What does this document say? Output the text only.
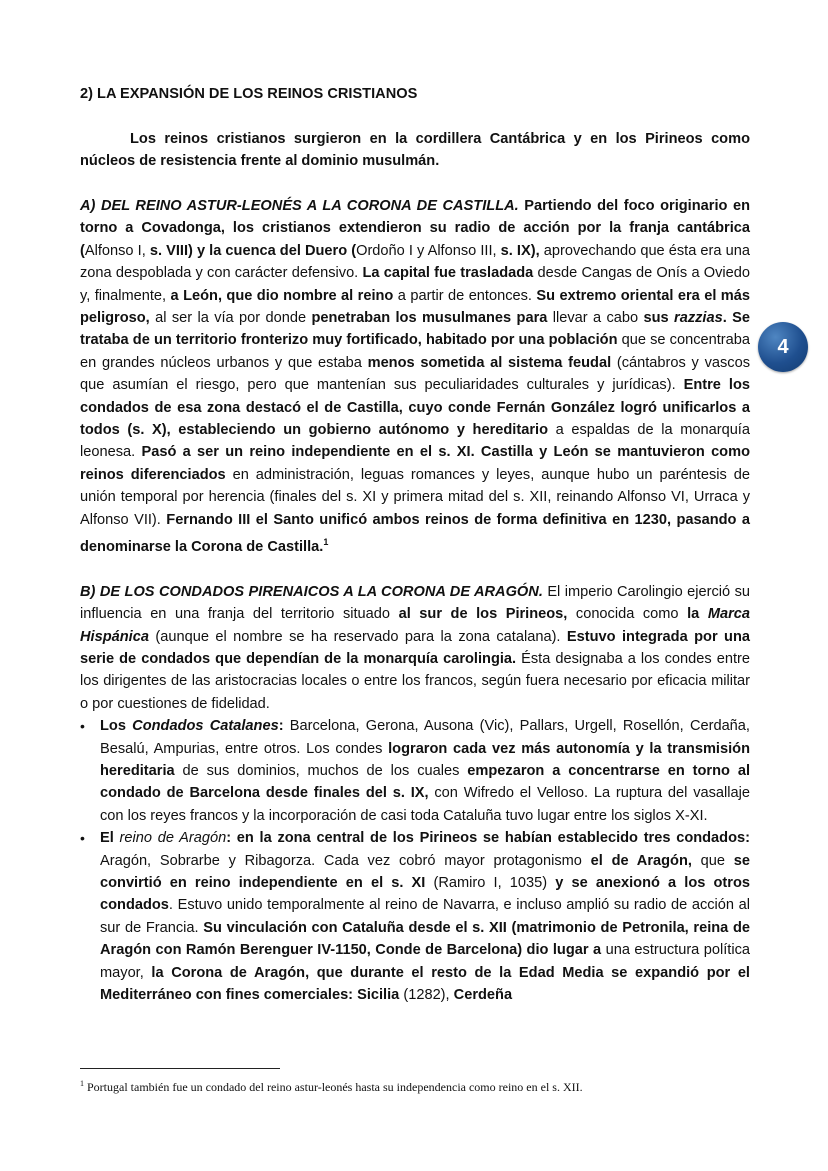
4

2) LA EXPANSIÓN DE LOS REINOS CRISTIANOS

Los reinos cristianos surgieron en la cordillera Cantábrica y en los Pirineos como núcleos de resistencia frente al dominio musulmán.

A) DEL REINO ASTUR-LEONÉS A LA CORONA DE CASTILLA. Partiendo del foco originario en torno a Covadonga, los cristianos extendieron su radio de acción por la franja cantábrica (Alfonso I, s. VIII) y la cuenca del Duero (Ordoño I y Alfonso III, s. IX), aprovechando que ésta era una zona despoblada y con carácter defensivo. La capital fue trasladada desde Cangas de Onís a Oviedo y, finalmente, a León, que dio nombre al reino a partir de entonces. Su extremo oriental era el más peligroso, al ser la vía por donde penetraban los musulmanes para llevar a cabo sus razzias. Se trataba de un territorio fronterizo muy fortificado, habitado por una población que se concentraba en grandes núcleos urbanos y que estaba menos sometida al sistema feudal (cántabros y vascos que asumían el riesgo, pero que mantenían sus peculiaridades culturales y jurídicas). Entre los condados de esa zona destacó el de Castilla, cuyo conde Fernán González logró unificarlos a todos (s. X), estableciendo un gobierno autónomo y hereditario a espaldas de la monarquía leonesa. Pasó a ser un reino independiente en el s. XI. Castilla y León se mantuvieron como reinos diferenciados en administración, leguas romances y leyes, aunque hubo un paréntesis de unión temporal por herencia (finales del s. XI y primera mitad del s. XII, reinando Alfonso VI, Urraca y Alfonso VII). Fernando III el Santo unificó ambos reinos de forma definitiva en 1230, pasando a denominarse la Corona de Castilla.$^1$

B) DE LOS CONDADOS PIRENAICOS A LA CORONA DE ARAGÓN. El imperio Carolingio ejerció su influencia en una franja del territorio situado al sur de los Pirineos, conocida como la Marca Hispánica (aunque el nombre se ha reservado para la zona catalana). Estuvo integrada por una serie de condados que dependían de la monarquía carolingia. Ésta designaba a los condes entre los dirigentes de las aristocracias locales o entre los francos, según fuera necesario por eficacia militar o por cuestiones de fidelidad.

• Los Condados Catalanes: Barcelona, Gerona, Ausona (Vic), Pallars, Urgell, Rosellón, Cerdaña, Besalú, Ampurias, entre otros. Los condes lograron cada vez más autonomía y la transmisión hereditaria de sus dominios, muchos de los cuales empezaron a concentrarse en torno al condado de Barcelona desde finales del s. IX, con Wifredo el Velloso. La ruptura del vasallaje con los reyes francos y la incorporación de casi toda Cataluña tuvo lugar entre los siglos X-XI.
• El reino de Aragón: en la zona central de los Pirineos se habían establecido tres condados: Aragón, Sobrarbe y Ribagorza. Cada vez cobró mayor protagonismo el de Aragón, que se convirtió en reino independiente en el s. XI (Ramiro I, 1035) y se anexionó a los otros condados. Estuvo unido temporalmente al reino de Navarra, e incluso amplió su radio de acción al sur de Francia. Su vinculación con Cataluña desde el s. XII (matrimonio de Petronila, reina de Aragón con Ramón Berenguer IV-1150, Conde de Barcelona) dio lugar a una estructura política mayor, la Corona de Aragón, que durante el resto de la Edad Media se expandió por el Mediterráneo con fines comerciales: Sicilia (1282), Cerdeña
$^1$ Portugal también fue un condado del reino astur-leonés hasta su independencia como reino en el s. XII.
